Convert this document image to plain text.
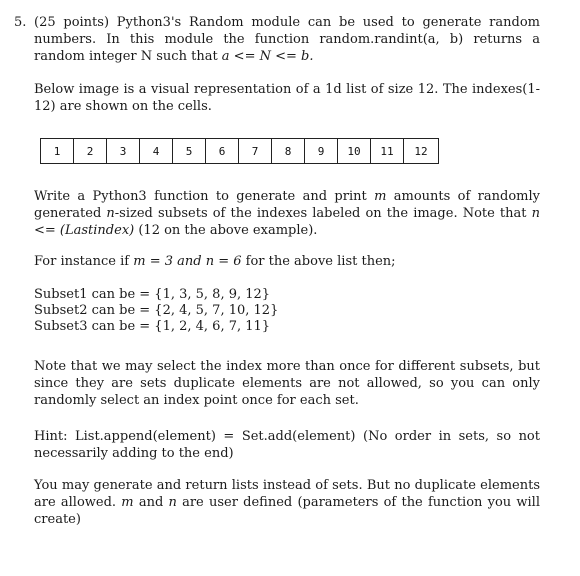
5. (25 points) Python3's Random module can be used to generate random numbers. In this module the function random.randint(a, b) returns a random integer N such that a <= N <= b.
Below image is a visual representation of a 1d list of size 12. The indexes(1-12) are shown on the cells.
1	2	3	4	5	6	7	8	9	10	11	12
Write a Python3 function to generate and print m amounts of randomly generated n-sized subsets of the indexes labeled on the image. Note that n <= (Lastindex) (12 on the above example).
For instance if m = 3 and n = 6 for the above list then;
Subset1 can be = {1, 3, 5, 8, 9, 12}
Subset2 can be = {2, 4, 5, 7, 10, 12}
Subset3 can be = {1, 2, 4, 6, 7, 11}
Note that we may select the index more than once for different subsets, but since they are sets duplicate elements are not allowed, so you can only randomly select an index point once for each set.
Hint: List.append(element) = Set.add(element) (No order in sets, so not necessarily adding to the end)
You may generate and return lists instead of sets. But no duplicate elements are allowed. m and n are user defined (parameters of the function you will create)
